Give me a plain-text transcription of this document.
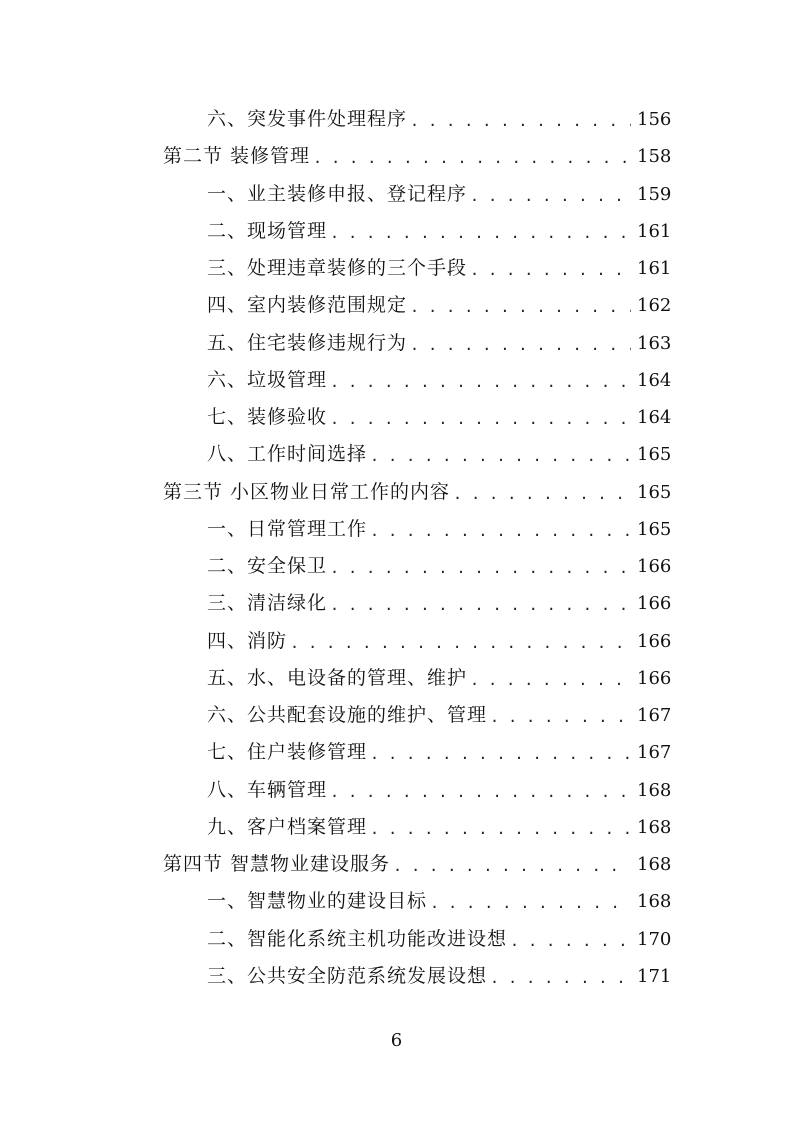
六、突发事件处理程序 . . .	156
第二节 装修管理 . . .	158
一、业主装修申报、登记程序 . . .	159
二、现场管理 . . .	161
三、处理违章装修的三个手段 . . .	161
四、室内装修范围规定 . . .	162
五、住宅装修违规行为 . . .	163
六、垃圾管理 . . .	164
七、装修验收 . . .	164
八、工作时间选择 . . .	165
第三节 小区物业日常工作的内容 . . .	165
一、日常管理工作 . . .	165
二、安全保卫 . . .	166
三、清洁绿化 . . .	166
四、消防 . . .	166
五、水、电设备的管理、维护 . . .	166
六、公共配套设施的维护、管理 . . .	167
七、住户装修管理 . . .	167
八、车辆管理 . . .	168
九、客户档案管理 . . .	168
第四节 智慧物业建设服务 . . .	168
一、智慧物业的建设目标 . . .	168
二、智能化系统主机功能改进设想 . . .	170
三、公共安全防范系统发展设想 . . .	171
6
